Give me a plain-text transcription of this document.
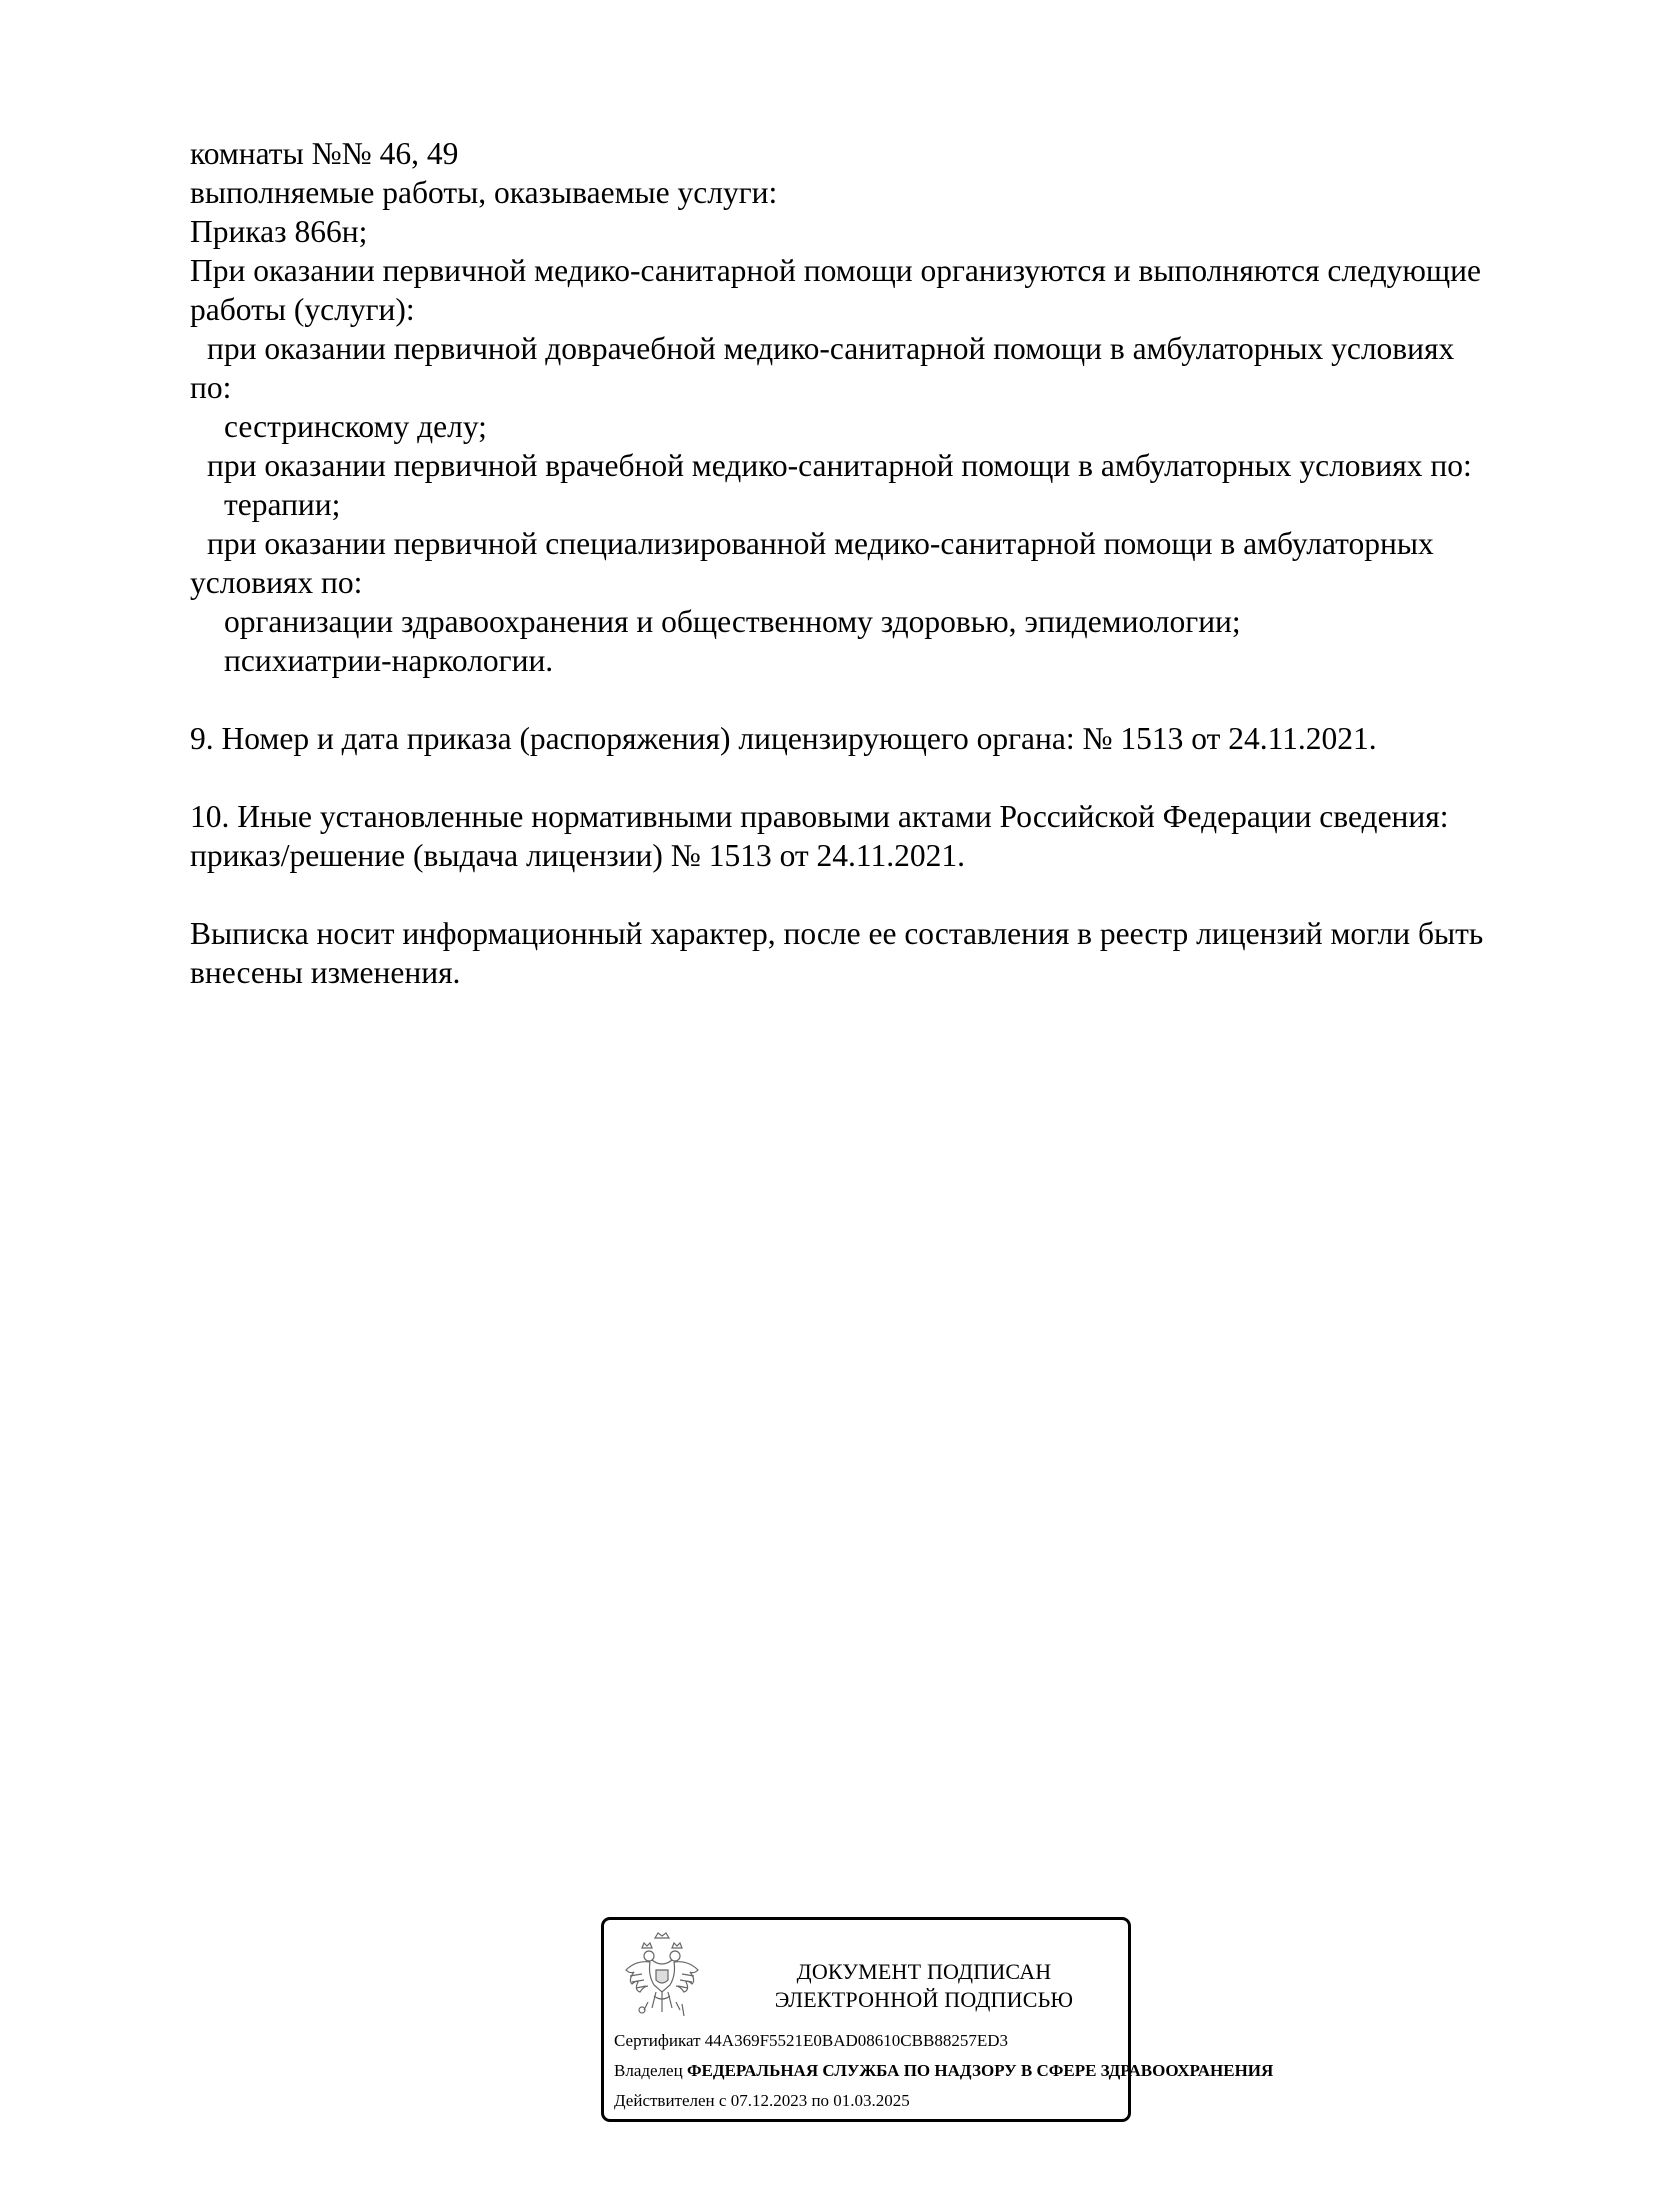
комнаты №№ 46, 49
выполняемые работы, оказываемые услуги:
Приказ 866н;
При оказании первичной медико-санитарной помощи организуются и выполняются следующие
работы (услуги):
при оказании первичной доврачебной медико-санитарной помощи в амбулаторных условиях
по:
сестринскому делу;
при оказании первичной врачебной медико-санитарной помощи в амбулаторных условиях по:
терапии;
при оказании первичной специализированной медико-санитарной помощи в амбулаторных
условиях по:
организации здравоохранения и общественному здоровью, эпидемиологии;
психиатрии-наркологии.
9. Номер и дата приказа (распоряжения) лицензирующего органа: № 1513 от 24.11.2021.
10. Иные установленные нормативными правовыми актами Российской Федерации сведения:
приказ/решение (выдача лицензии) № 1513 от 24.11.2021.
Выписка носит информационный характер, после ее составления в реестр лицензий могли быть
внесены изменения.
ДОКУМЕНТ ПОДПИСАН
ЭЛЕКТРОННОЙ ПОДПИСЬЮ
Сертификат 44A369F5521E0BAD08610CBB88257ED3
Владелец ФЕДЕРАЛЬНАЯ СЛУЖБА ПО НАДЗОРУ В СФЕРЕ ЗДРАВООХРАНЕНИЯ
Действителен с 07.12.2023 по 01.03.2025
